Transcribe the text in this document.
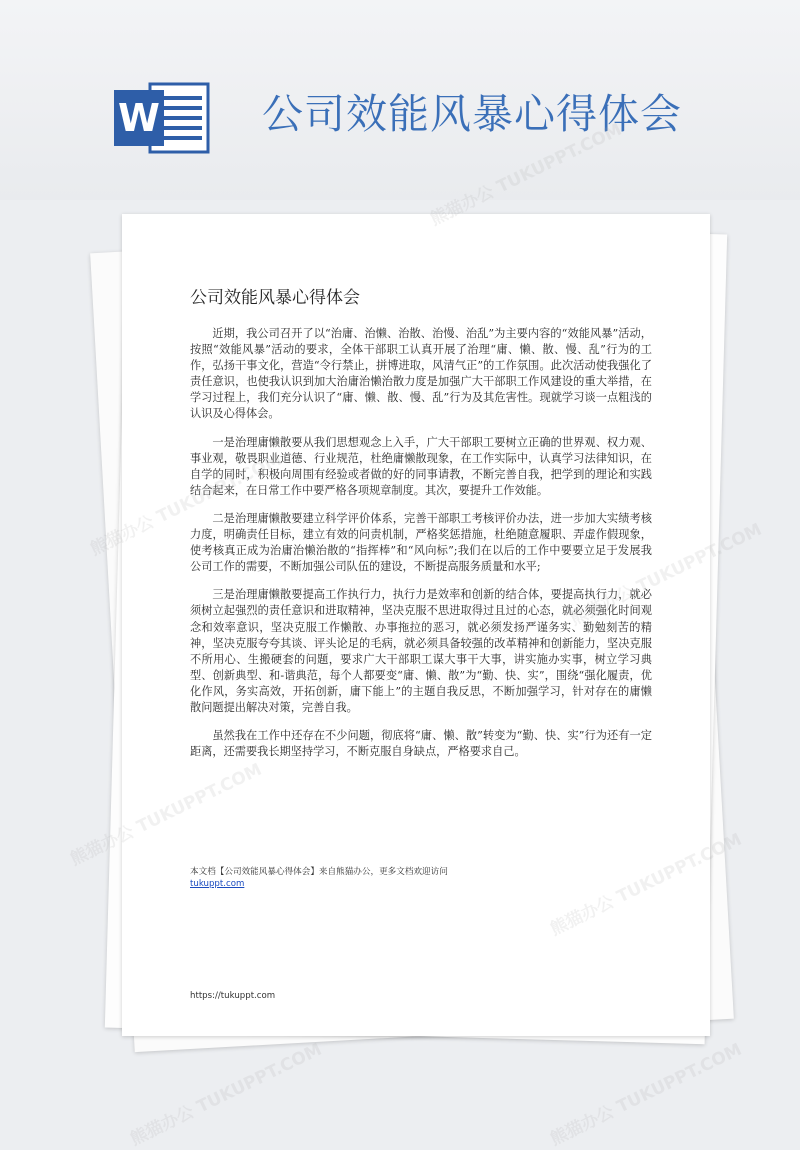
W 公司效能风暴心得体会
公司效能风暴心得体会

近期，我公司召开了以“治庸、治懒、治散、治慢、治乱”为主要内容的“效能风暴”活动，按照“效能风暴”活动的要求，全体干部职工认真开展了治理“庸、懒、散、慢、乱”行为的工作，弘扬干事文化，营造“令行禁止，拼博进取，风清气正”的工作氛围。此次活动使我强化了责任意识，也使我认识到加大治庸治懒治散力度是加强广大干部职工作风建设的重大举措，在学习过程上，我们充分认识了“庸、懒、散、慢、乱”行为及其危害性。现就学习谈一点粗浅的认识及心得体会。

一是治理庸懒散要从我们思想观念上入手，广大干部职工要树立正确的世界观、权力观、事业观，敬畏职业道德、行业规范，杜绝庸懒散现象，在工作实际中，认真学习法律知识，在自学的同时，积极向周围有经验或者做的好的同事请教，不断完善自我，把学到的理论和实践结合起来，在日常工作中要严格各项规章制度。其次，要提升工作效能。

二是治理庸懒散要建立科学评价体系，完善干部职工考核评价办法，进一步加大实绩考核力度，明确责任目标，建立有效的问责机制，严格奖惩措施，杜绝随意履职、弄虚作假现象，使考核真正成为治庸治懒治散的“指挥棒”和“风向标”;我们在以后的工作中要要立足于发展我公司工作的需要，不断加强公司队伍的建设，不断提高服务质量和水平;

三是治理庸懒散要提高工作执行力，执行力是效率和创新的结合体，要提高执行力，就必须树立起强烈的责任意识和进取精神，坚决克服不思进取得过且过的心态，就必须强化时间观念和效率意识，坚决克服工作懒散、办事拖拉的恶习，就必须发扬严谨务实、勤勉刻苦的精神，坚决克服夸夸其谈、评头论足的毛病，就必须具备较强的改革精神和创新能力，坚决克服不所用心、生搬硬套的问题，要求广大干部职工谋大事干大事，讲实施办实事，树立学习典型、创新典型、和-谐典范，每个人都要变“庸、懒、散”为“勤、快、实”，围绕“强化履责，优化作风，务实高效，开拓创新，庸下能上”的主题自我反思，不断加强学习，针对存在的庸懒散问题提出解决对策，完善自我。

虽然我在工作中还存在不少问题，彻底将“庸、懒、散”转变为“勤、快、实”行为还有一定距离，还需要我长期坚持学习，不断克服自身缺点，严格要求自己。

本文档【公司效能风暴心得体会】来自熊猫办公，更多文档欢迎访问
tukuppt.com
https://tukuppt.com
熊猫办公
熊猫办公 TUKUPPT.COM	熊猫办公 TUKUPPT.COM
